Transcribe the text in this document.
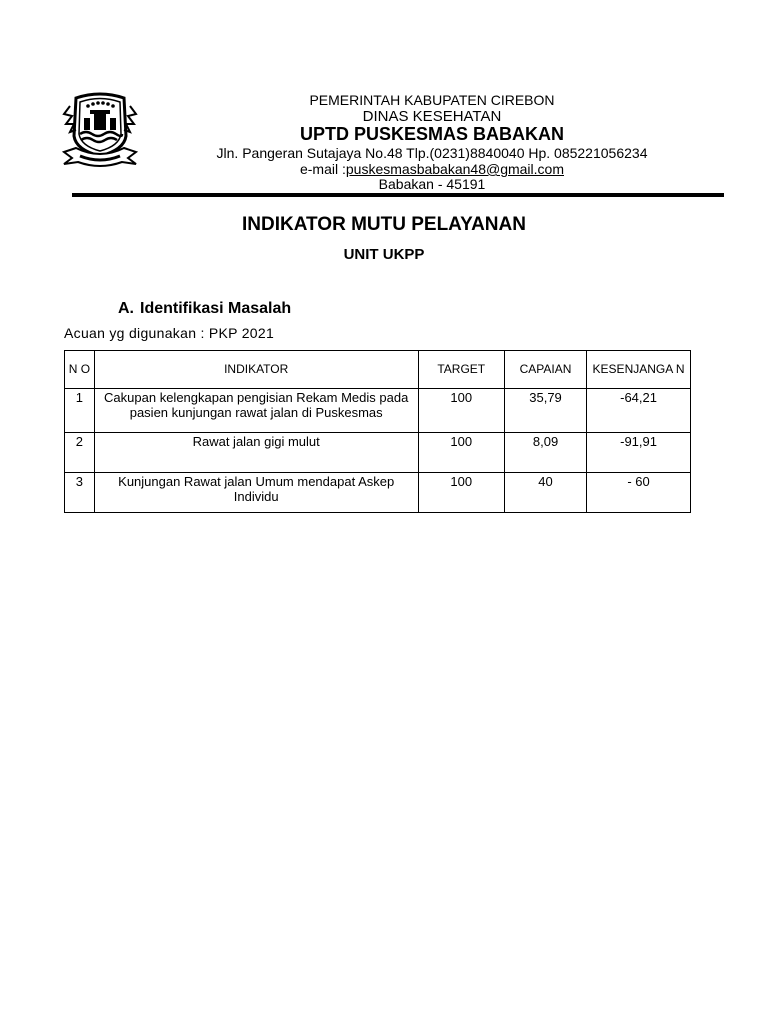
PEMERINTAH KABUPATEN CIREBON
DINAS KESEHATAN
UPTD PUSKESMAS BABAKAN
Jln. Pangeran Sutajaya No.48 Tlp.(0231)8840040 Hp. 085221056234
e-mail :puskesmasbabakan48@gmail.com
Babakan - 45191
INDIKATOR MUTU PELAYANAN
UNIT UKPP
A. Identifikasi Masalah
Acuan yg digunakan : PKP 2021
N O	INDIKATOR	TARGET	CAPAIAN	KESENJANGA N
1	Cakupan kelengkapan pengisian Rekam Medis pada pasien kunjungan rawat jalan di Puskesmas	100	35,79	-64,21
2	Rawat jalan gigi mulut	100	8,09	-91,91
3	Kunjungan Rawat jalan Umum mendapat Askep Individu	100	40	- 60
